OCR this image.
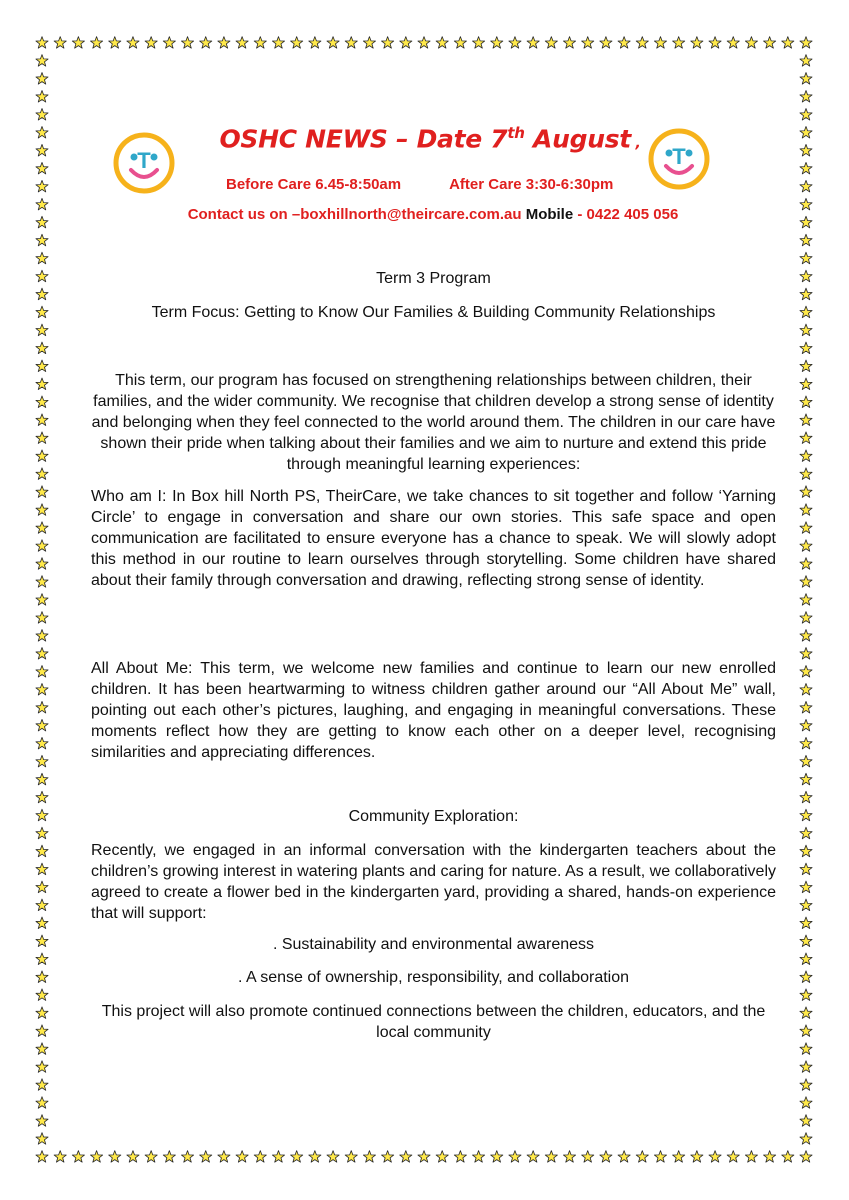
T	T
OSHC NEWS – Date 7th August ,
Before Care 6.45-8:50am	After Care 3:30-6:30pm
Contact us on –boxhillnorth@theircare.com.au Mobile - 0422 405 056
Term 3 Program
Term Focus: Getting to Know Our Families & Building Community Relationships
This term, our program has focused on strengthening relationships between children, their families, and the wider community. We recognise that children develop a strong sense of identity and belonging when they feel connected to the world around them. The children in our care have shown their pride when talking about their families and we aim to nurture and extend this pride through meaningful learning experiences:
Who am I: In Box hill North PS, TheirCare, we take chances to sit together and follow ‘Yarning Circle’ to engage in conversation and share our own stories. This safe space and open communication are facilitated to ensure everyone has a chance to speak. We will slowly adopt this method in our routine to learn ourselves through storytelling. Some children have shared about their family through conversation and drawing, reflecting strong sense of identity.
All About Me: This term, we welcome new families and continue to learn our new enrolled children. It has been heartwarming to witness children gather around our “All About Me” wall, pointing out each other’s pictures, laughing, and engaging in meaningful conversations. These moments reflect how they are getting to know each other on a deeper level, recognising similarities and appreciating differences.
Community Exploration:
Recently, we engaged in an informal conversation with the kindergarten teachers about the children’s growing interest in watering plants and caring for nature. As a result, we collaboratively agreed to create a flower bed in the kindergarten yard, providing a shared, hands-on experience that will support:
. Sustainability and environmental awareness
. A sense of ownership, responsibility, and collaboration
This project will also promote continued connections between the children, educators, and the local community
